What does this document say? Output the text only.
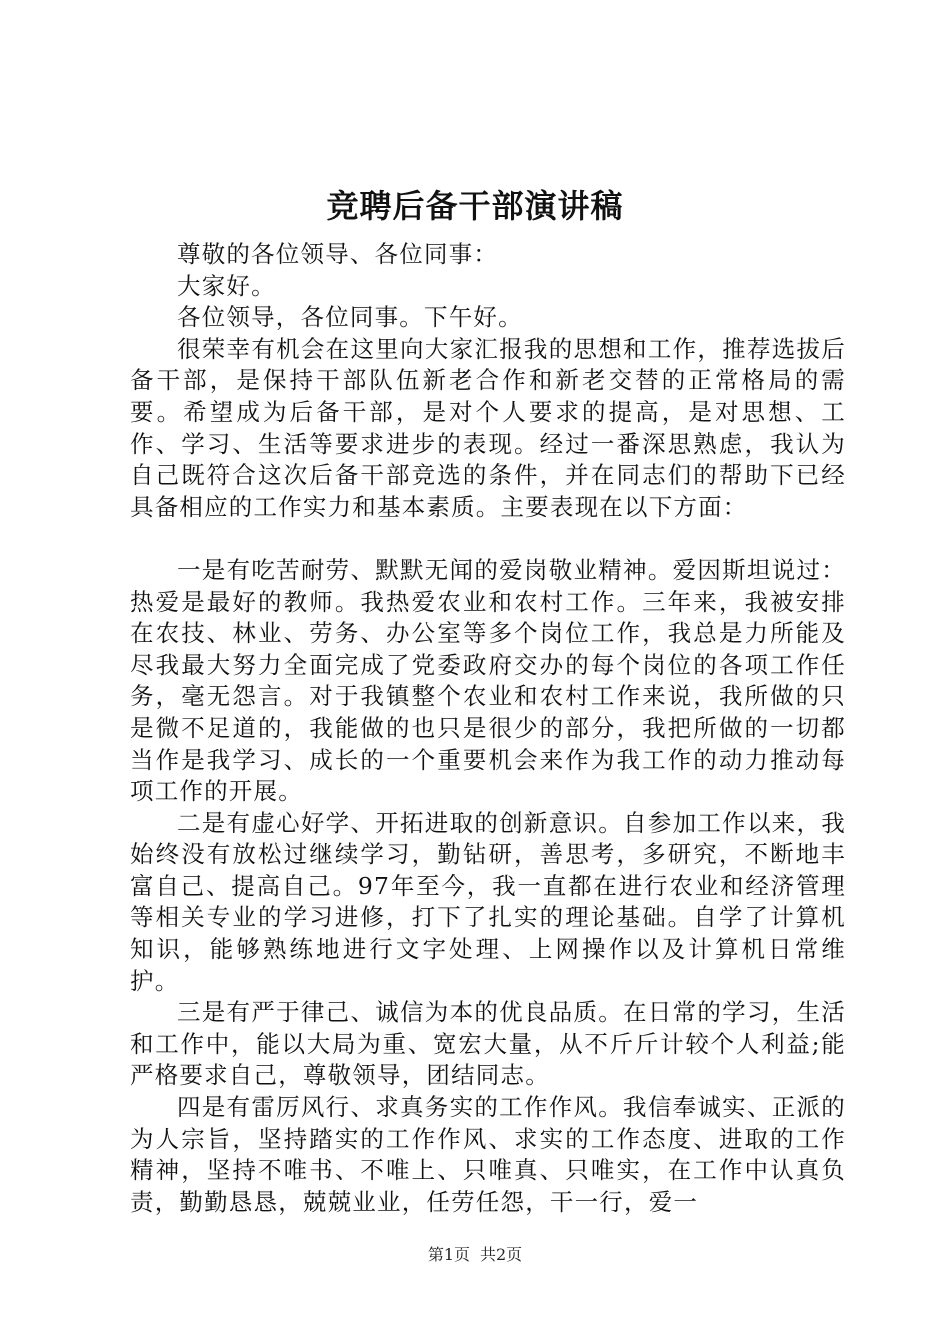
竞聘后备干部演讲稿

尊敬的各位领导、各位同事：

大家好。

各位领导，各位同事。下午好。

很荣幸有机会在这里向大家汇报我的思想和工作，推荐选拔后备干部，是保持干部队伍新老合作和新老交替的正常格局的需要。希望成为后备干部，是对个人要求的提高，是对思想、工作、学习、生活等要求进步的表现。经过一番深思熟虑，我认为自己既符合这次后备干部竞选的条件，并在同志们的帮助下已经具备相应的工作实力和基本素质。主要表现在以下方面：

一是有吃苦耐劳、默默无闻的爱岗敬业精神。爱因斯坦说过：热爱是最好的教师。我热爱农业和农村工作。三年来，我被安排在农技、林业、劳务、办公室等多个岗位工作，我总是力所能及尽我最大努力全面完成了党委政府交办的每个岗位的各项工作任务，毫无怨言。对于我镇整个农业和农村工作来说，我所做的只是微不足道的，我能做的也只是很少的部分，我把所做的一切都当作是我学习、成长的一个重要机会来作为我工作的动力推动每项工作的开展。

二是有虚心好学、开拓进取的创新意识。自参加工作以来，我始终没有放松过继续学习，勤钻研，善思考，多研究，不断地丰富自己、提高自己。97年至今，我一直都在进行农业和经济管理等相关专业的学习进修，打下了扎实的理论基础。自学了计算机知识，能够熟练地进行文字处理、上网操作以及计算机日常维护。

三是有严于律己、诚信为本的优良品质。在日常的学习，生活和工作中，能以大局为重、宽宏大量，从不斤斤计较个人利益;能严格要求自己，尊敬领导，团结同志。

四是有雷厉风行、求真务实的工作作风。我信奉诚实、正派的为人宗旨，坚持踏实的工作作风、求实的工作态度、进取的工作精神，坚持不唯书、不唯上、只唯真、只唯实，在工作中认真负责，勤勤恳恳，兢兢业业，任劳任怨，干一行，爱一

第1页 共2页
